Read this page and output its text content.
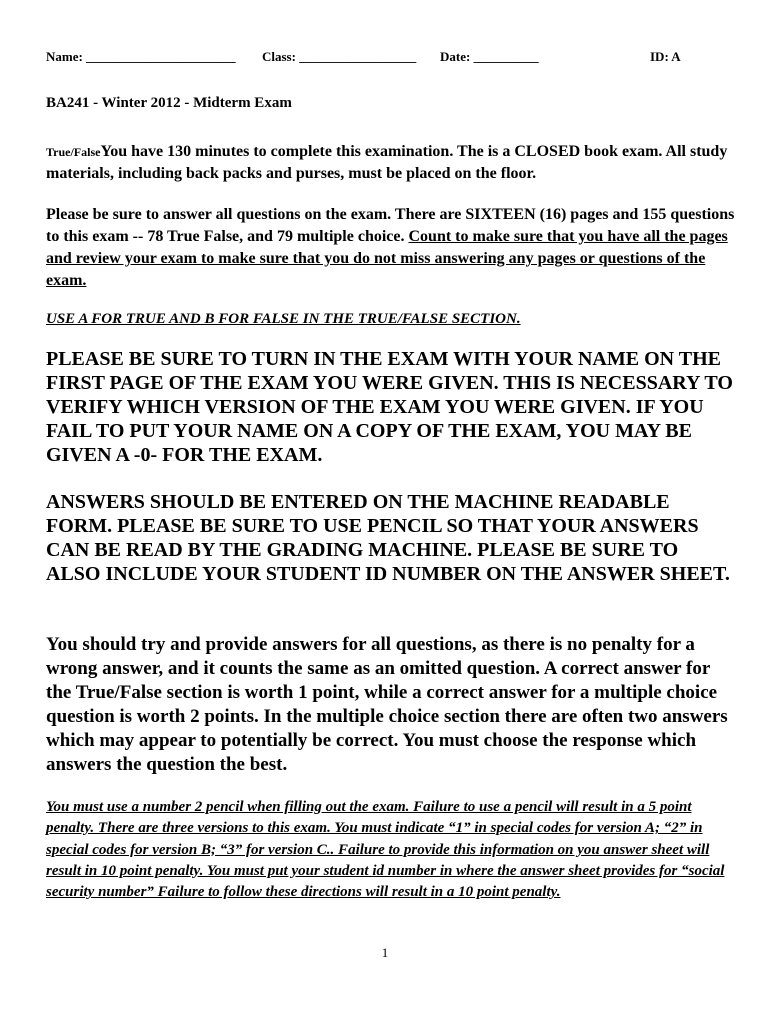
Name: _______________________ Class: __________________ Date: __________	ID: A
BA241 - Winter 2012 - Midterm Exam
True/FalseYou have 130 minutes to complete this examination. The is a CLOSED book exam. All study materials, including back packs and purses, must be placed on the floor.
Please be sure to answer all questions on the exam. There are SIXTEEN (16) pages and 155 questions to this exam -- 78 True False, and 79 multiple choice. Count to make sure that you have all the pages and review your exam to make sure that you do not miss answering any pages or questions of the exam.
USE A FOR TRUE AND B FOR FALSE IN THE TRUE/FALSE SECTION.
PLEASE BE SURE TO TURN IN THE EXAM WITH YOUR NAME ON THE FIRST PAGE OF THE EXAM YOU WERE GIVEN. THIS IS NECESSARY TO VERIFY WHICH VERSION OF THE EXAM YOU WERE GIVEN. IF YOU FAIL TO PUT YOUR NAME ON A COPY OF THE EXAM, YOU MAY BE GIVEN A -0- FOR THE EXAM.
ANSWERS SHOULD BE ENTERED ON THE MACHINE READABLE FORM. PLEASE BE SURE TO USE PENCIL SO THAT YOUR ANSWERS CAN BE READ BY THE GRADING MACHINE. PLEASE BE SURE TO ALSO INCLUDE YOUR STUDENT ID NUMBER ON THE ANSWER SHEET.
You should try and provide answers for all questions, as there is no penalty for a wrong answer, and it counts the same as an omitted question. A correct answer for the True/False section is worth 1 point, while a correct answer for a multiple choice question is worth 2 points. In the multiple choice section there are often two answers which may appear to potentially be correct. You must choose the response which answers the question the best.
You must use a number 2 pencil when filling out the exam. Failure to use a pencil will result in a 5 point penalty. There are three versions to this exam. You must indicate “1” in special codes for version A; “2” in special codes for version B; “3” for version C.. Failure to provide this information on you answer sheet will result in 10 point penalty. You must put your student id number in where the answer sheet provides for “social security number” Failure to follow these directions will result in a 10 point penalty.
1
